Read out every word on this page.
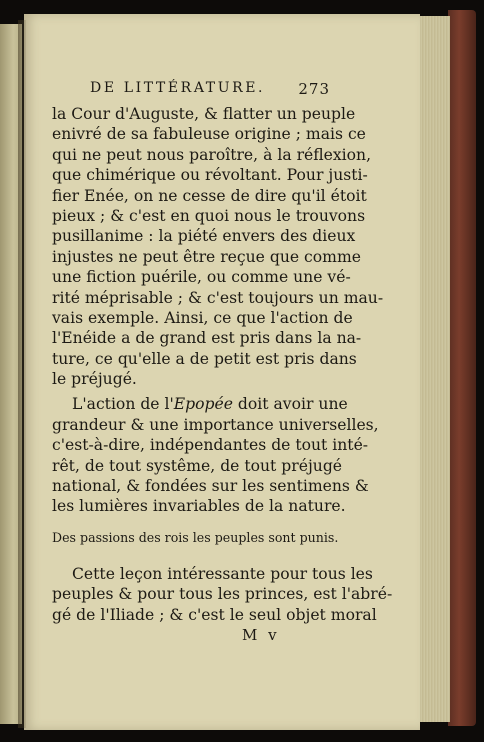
DE LITTÉRATURE. 273
la Cour d'Auguste, & flatter un peuple
enivré de sa fabuleuse origine ; mais ce
qui ne peut nous paroître, à la réflexion,
que chimérique ou révoltant. Pour justi-
fier Enée, on ne cesse de dire qu'il étoit
pieux ; & c'est en quoi nous le trouvons
pusillanime : la piété envers des dieux
injustes ne peut être reçue que comme
une fiction puérile, ou comme une vé-
rité méprisable ; & c'est toujours un mau-
vais exemple. Ainsi, ce que l'action de
l'Enéide a de grand est pris dans la na-
ture, ce qu'elle a de petit est pris dans
le préjugé.
L'action de l'Epopée doit avoir une
grandeur & une importance universelles,
c'est-à-dire, indépendantes de tout inté-
rêt, de tout systême, de tout préjugé
national, & fondées sur les sentimens &
les lumières invariables de la nature.
Des passions des rois les peuples sont punis.
Cette leçon intéressante pour tous les
peuples & pour tous les princes, est l'abré-
gé de l'Iliade ; & c'est le seul objet moral
M v
